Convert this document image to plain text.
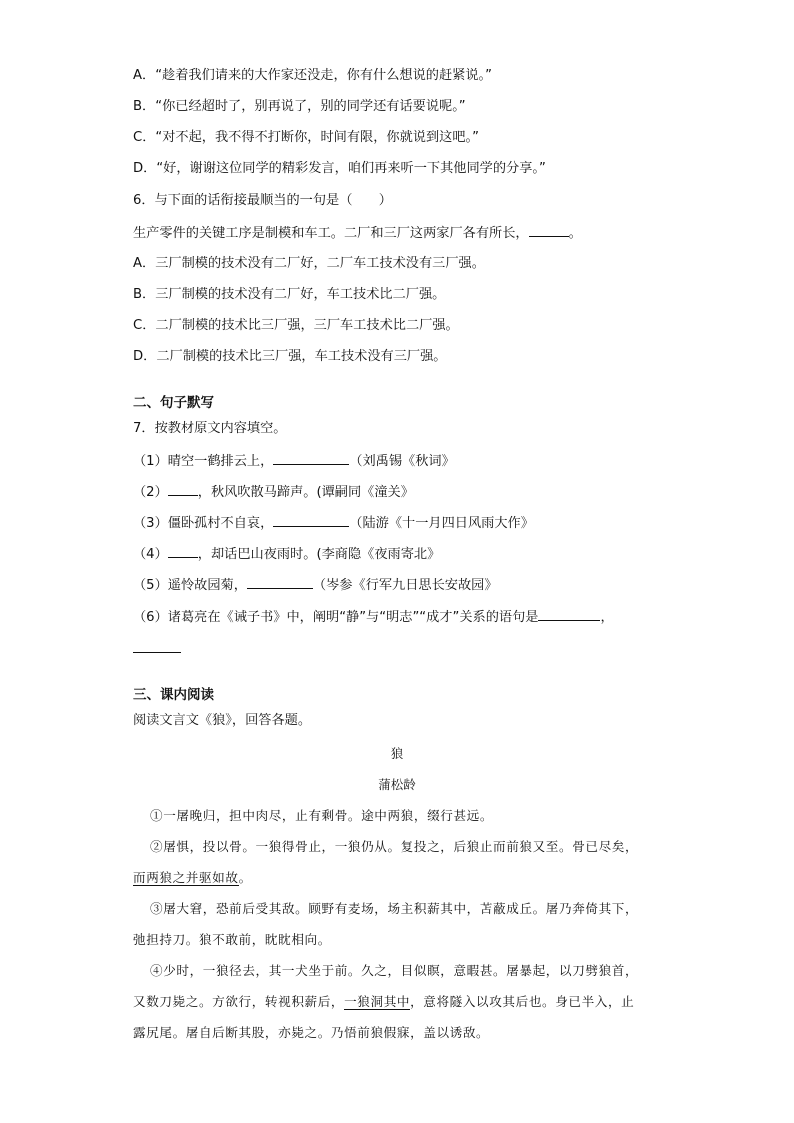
A．“趁着我们请来的大作家还没走，你有什么想说的赶紧说。”
B．“你已经超时了，别再说了，别的同学还有话要说呢。”
C．“对不起，我不得不打断你，时间有限，你就说到这吧。”
D．“好，谢谢这位同学的精彩发言，咱们再来听一下其他同学的分享。”
6．与下面的话衔接最顺当的一句是（　　）
生产零件的关键工序是制模和车工。二厂和三厂这两家厂各有所长，	。
A．三厂制模的技术没有二厂好，二厂车工技术没有三厂强。
B．三厂制模的技术没有二厂好，车工技术比二厂强。
C．二厂制模的技术比三厂强，三厂车工技术比二厂强。
D．二厂制模的技术比三厂强，车工技术没有三厂强。
二、句子默写
7．按教材原文内容填空。
（1）晴空一鹤排云上，	（刘禹锡《秋词》
（2） ，秋风吹散马蹄声。(谭嗣同《潼关》
（3）僵卧孤村不自哀，	（陆游《十一月四日风雨大作》
（4） ，却话巴山夜雨时。(李商隐《夜雨寄北》
（5）遥怜故园菊，	（岑参《行军九日思长安故园》
（6）诸葛亮在《诫子书》中，阐明“静”与“明志”“成才”关系的语句是	，
三、课内阅读
阅读文言文《狼》，回答各题。
狼
蒲松龄
①一屠晚归，担中肉尽，止有剩骨。途中两狼，缀行甚远。
②屠惧，投以骨。一狼得骨止，一狼仍从。复投之，后狼止而前狼又至。骨已尽矣，
而两狼之并驱如故。
③屠大窘，恐前后受其敌。顾野有麦场，场主积薪其中，苫蔽成丘。屠乃奔倚其下，
弛担持刀。狼不敢前，眈眈相向。
④少时，一狼径去，其一犬坐于前。久之，目似瞑，意暇甚。屠暴起，以刀劈狼首，
又数刀毙之。方欲行，转视积薪后，一狼洞其中，意将隧入以攻其后也。身已半入，止
露尻尾。屠自后断其股，亦毙之。乃悟前狼假寐，盖以诱敌。
